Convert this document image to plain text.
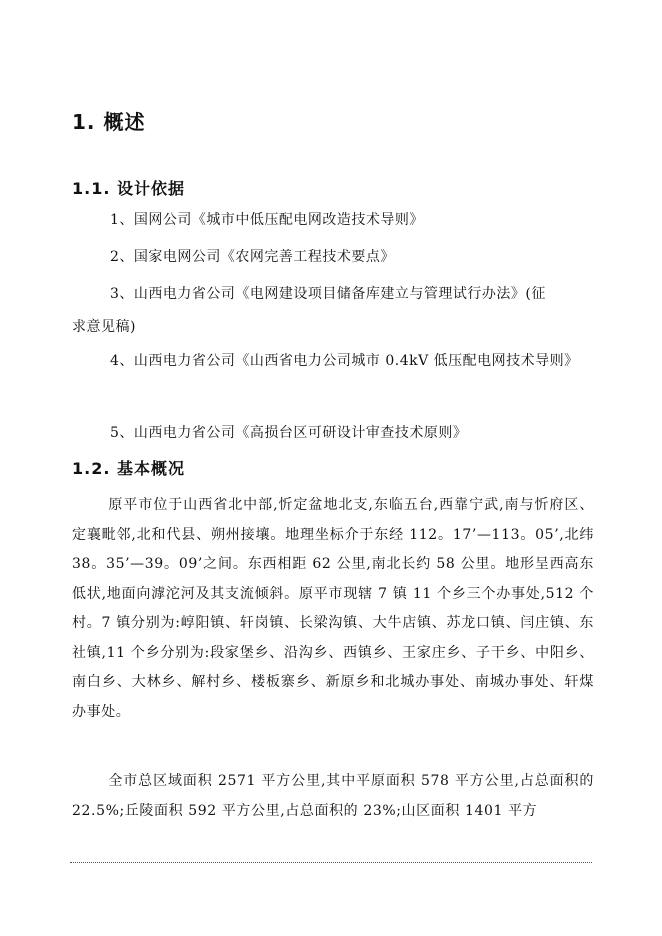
1. 概述
1.1. 设计依据
1、国网公司《城市中低压配电网改造技术导则》
2、国家电网公司《农网完善工程技术要点》
3、山西电力省公司《电网建设项目储备库建立与管理试行办法》(征
求意见稿)
4、山西电力省公司《山西省电力公司城市 0.4kV 低压配电网技术导则》
5、山西电力省公司《高损台区可研设计审查技术原则》
1.2. 基本概况

原平市位于山西省北中部,忻定盆地北支,东临五台,西靠宁武,南与忻府区、定襄毗邻,北和代县、朔州接壤。地理坐标介于东经 112。17’—113。05’,北纬 38。35’—39。09’之间。东西相距 62 公里,南北长约 58 公里。地形呈西高东低状,地面向滹沱河及其支流倾斜。原平市现辖 7 镇 11 个乡三个办事处,512 个村。7 镇分别为:崞阳镇、轩岗镇、长梁沟镇、大牛店镇、苏龙口镇、闫庄镇、东社镇,11 个乡分别为:段家堡乡、沿沟乡、西镇乡、王家庄乡、子干乡、中阳乡、南白乡、大林乡、解村乡、楼板寨乡、新原乡和北城办事处、南城办事处、轩煤办事处。

全市总区域面积 2571 平方公里,其中平原面积 578 平方公里,占总面积的 22.5%;丘陵面积 592 平方公里,占总面积的 23%;山区面积 1401 平方
